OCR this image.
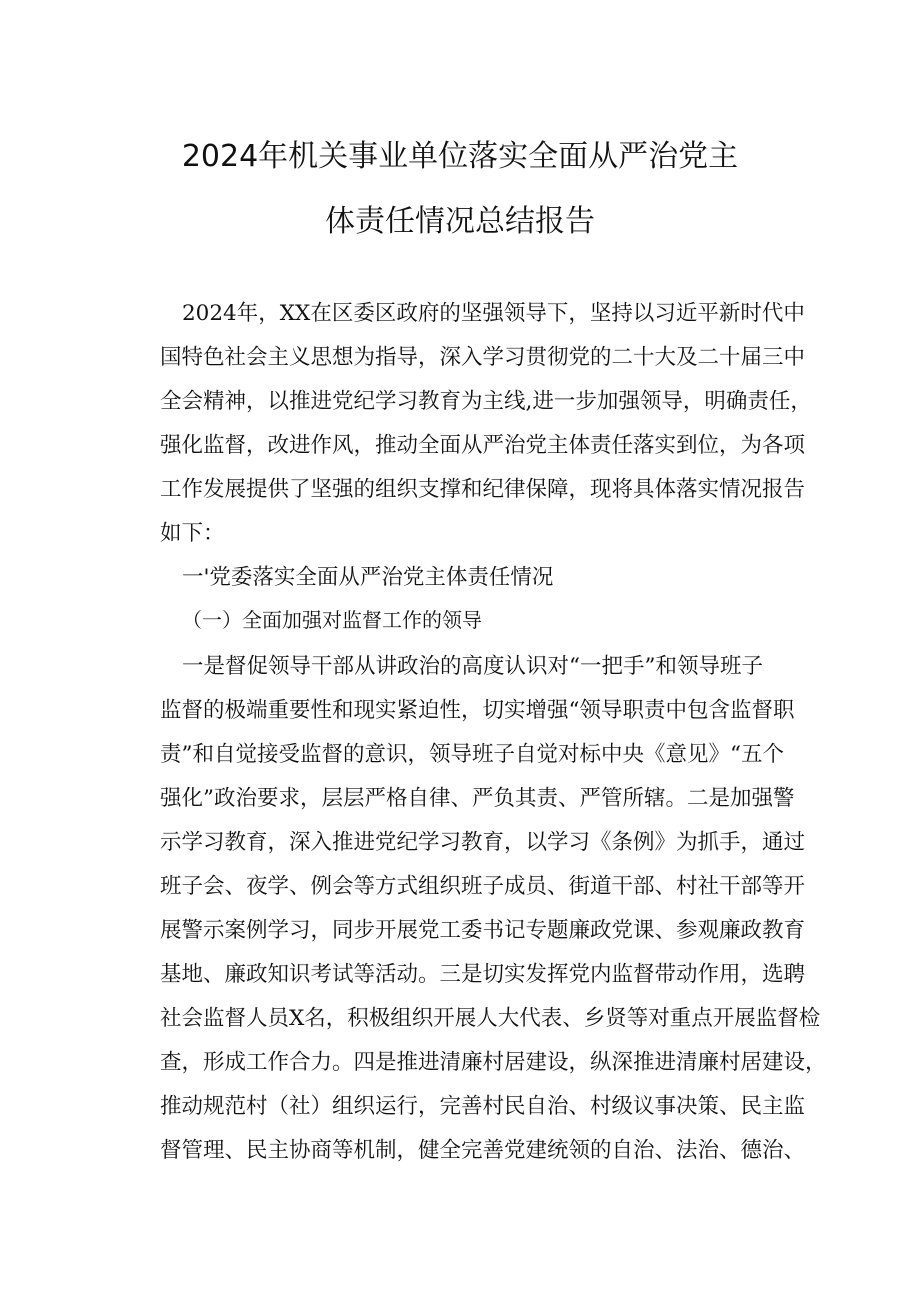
2024年机关事业单位落实全面从严治党主
体责任情况总结报告
2024年，XX在区委区政府的坚强领导下，坚持以习近平新时代中
国特色社会主义思想为指导，深入学习贯彻党的二十大及二十届三中
全会精神，以推进党纪学习教育为主线,进一步加强领导，明确责任，
强化监督，改进作风，推动全面从严治党主体责任落实到位，为各项
工作发展提供了坚强的组织支撑和纪律保障，现将具体落实情况报告
如下：
一'党委落实全面从严治党主体责任情况
（一）全面加强对监督工作的领导
一是督促领导干部从讲政治的高度认识对“一把手”和领导班子
监督的极端重要性和现实紧迫性，切实增强“领导职责中包含监督职
责”和自觉接受监督的意识，领导班子自觉对标中央《意见》“五个
强化”政治要求，层层严格自律、严负其责、严管所辖。二是加强警
示学习教育，深入推进党纪学习教育，以学习《条例》为抓手，通过
班子会、夜学、例会等方式组织班子成员、街道干部、村社干部等开
展警示案例学习，同步开展党工委书记专题廉政党课、参观廉政教育
基地、廉政知识考试等活动。三是切实发挥党内监督带动作用，选聘
社会监督人员X名，积极组织开展人大代表、乡贤等对重点开展监督检
查，形成工作合力。四是推进清廉村居建设，纵深推进清廉村居建设，
推动规范村（社）组织运行，完善村民自治、村级议事决策、民主监
督管理、民主协商等机制，健全完善党建统领的自治、法治、德治、
